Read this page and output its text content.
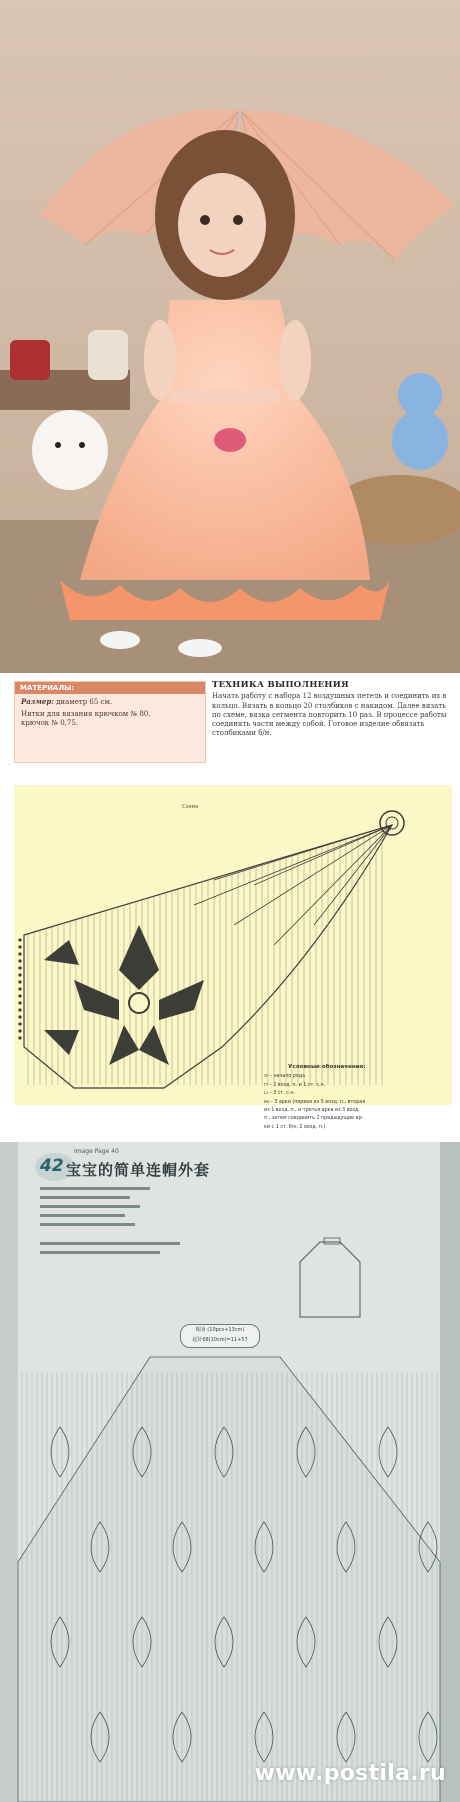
МАТЕРИАЛЫ:
Размер: диаметр 65 см.
Нитки для вязания крючком № 80,
крючок № 0,75.
ТЕХНИКА ВЫПОЛНЕНИЯ
Начать работу с набора 12 воздушных петель и соединить их в кольцо. Вязать в кольцо 20 столбиков с накидом. Далее вязать по схеме, вязка сегмента повторить 10 раз. В процессе работы соединять части между собой. Готовое изделие обвязать столбиками б/н.
Схема
Условные обозначения:
⊙ – начало ряда
⊓ – 2 возд. п. и 1 ст. с.н.
⊔ – 3 ст. с.н.
⋈ – 3 арки (первая из 5 возд. п., вторая
из 1 возд. п., и третья арка из 3 возд.
п., затем соединить 2 предыдущие ар-
ки с 1 ст. б/н, 2 возд. п.)
Image Page 40
42 宝宝的简单连帽外套
帽身 (10pcs+13cm)
起针68(10cm)=11+57
www.postila.ru
